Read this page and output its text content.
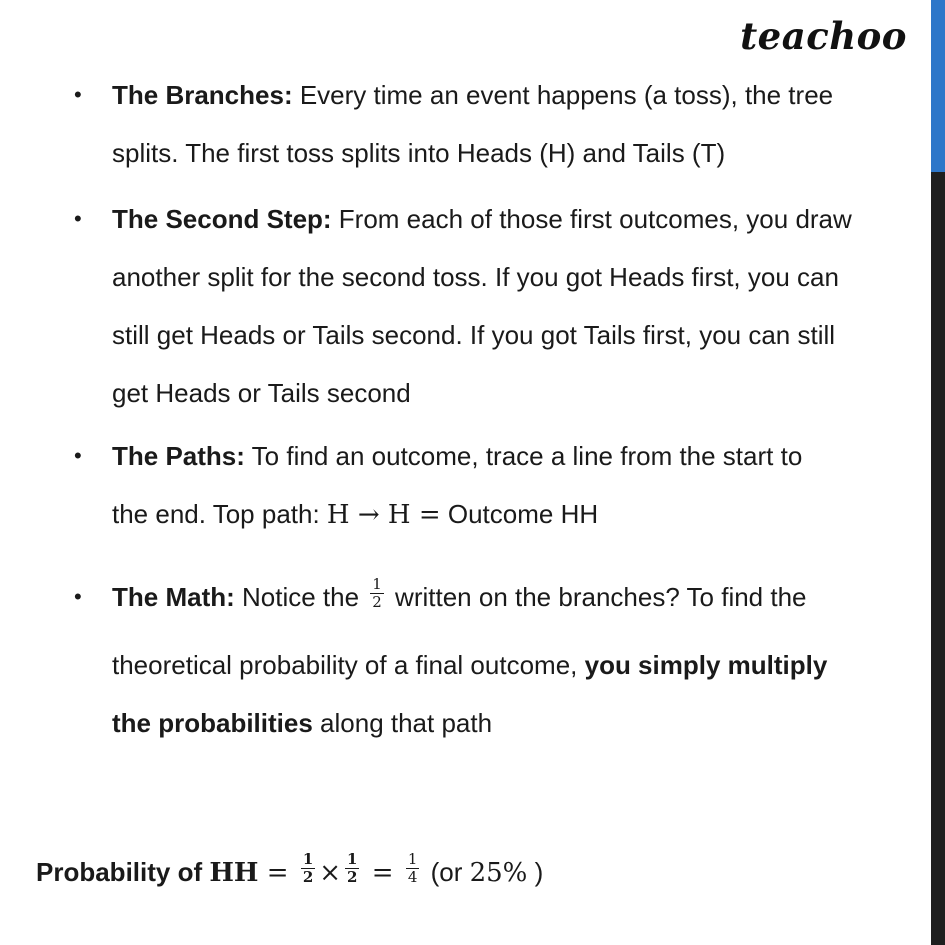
teachoo
• The Branches: Every time an event happens (a toss), the tree
splits. The first toss splits into Heads (H) and Tails (T)
• The Second Step: From each of those first outcomes, you draw
another split for the second toss. If you got Heads first, you can
still get Heads or Tails second. If you got Tails first, you can still
get Heads or Tails second
• The Paths: To find an outcome, trace a line from the start to
the end. Top path: H → H = Outcome HH
• The Math: Notice the $\frac{1}{2}$ written on the branches? To find the
theoretical probability of a final outcome, you simply multiply
the probabilities along that path
Probability of HH = $\frac{1}{2} \times \frac{1}{2} = \frac{1}{4} (or$ 25% )
